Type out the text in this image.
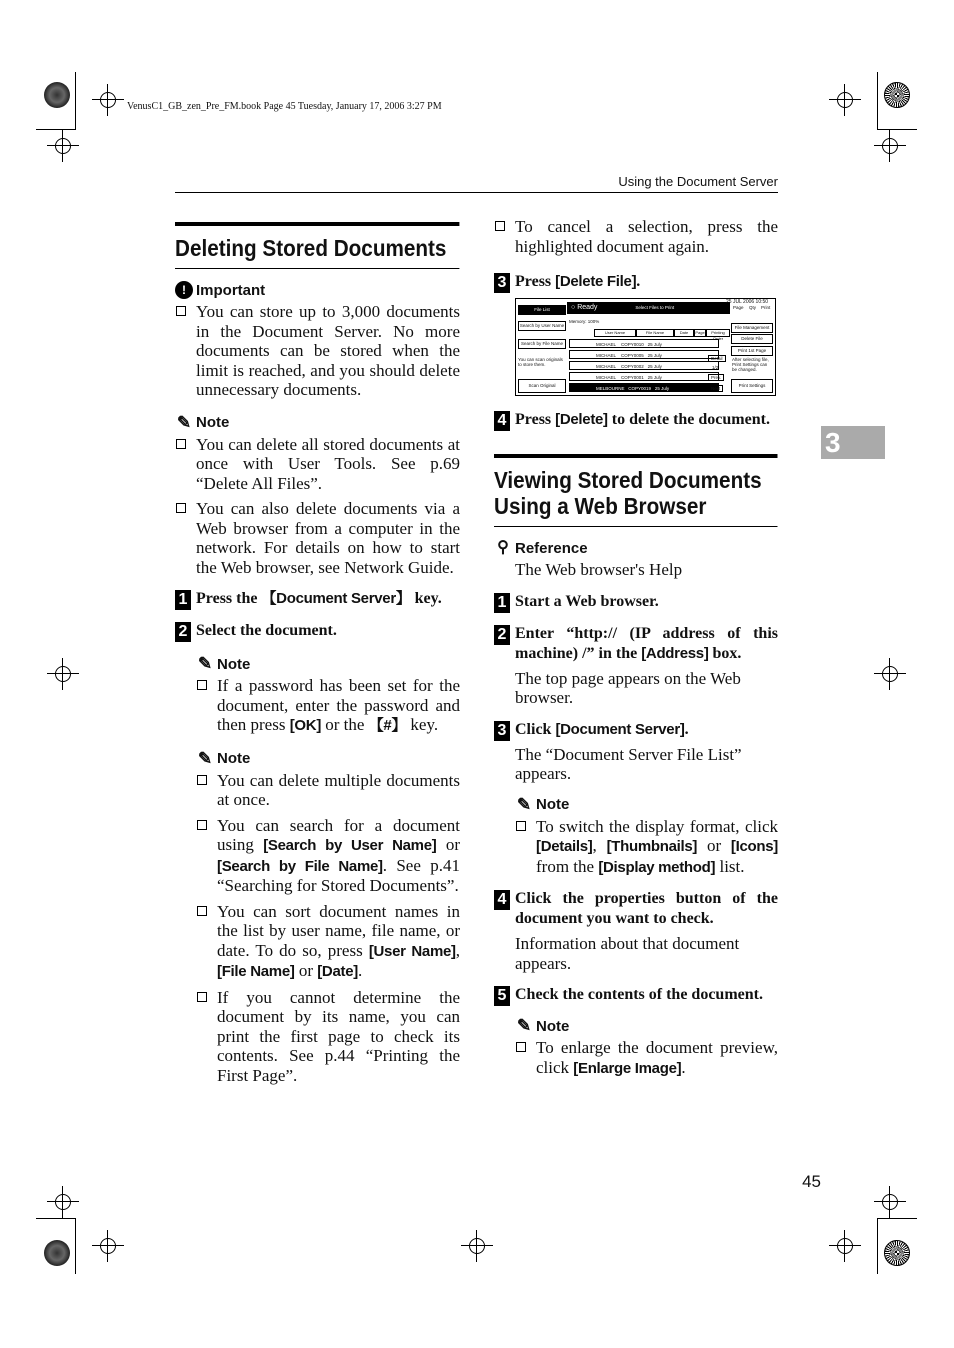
VenusC1_GB_zen_Pre_FM.book Page 45 Tuesday, January 17, 2006 3:27 PM
Using the Document Server
3
45
Deleting Stored Documents
! Important
You can store up to 3,000 documents in the Document Server. No more documents can be stored when the limit is reached, and you should delete unnecessary documents.
✎ Note
You can delete all stored documents at once with User Tools. See p.69 “Delete All Files”.
You can also delete documents via a Web browser from a computer in the network. For details on how to start the Web browser, see Network Guide.
1 Press the 【Document Server】 key.
2 Select the document.
✎ Note
If a password has been set for the document, enter the password and then press [OK] or the 【#】 key.
✎ Note
You can delete multiple documents at once.
You can search for a document using [Search by User Name] or [Search by File Name]. See p.41 “Searching for Stored Documents”.
You can sort document names in the list by user name, file name, or date. To do so, press [User Name], [File Name] or [Date].
If you cannot determine the document by its name, you can print the first page to check its contents. See p.44 “Printing the First Page”.
To cancel a selection, press the highlighted document again.
3 Press [Delete File].
File List	○ Ready	Select Files to Print
25 JUL 2006 10:50
Search by User Name
Search by File Name
You can scan originals to store them.
Scan Original
Memory: 100%
User Name	File Name	Date	Page	Printing Order
MICHAEL COPY0010 25 July
MICHAEL COPY0005 25 July
MICHAEL COPY0002 25 July
MICHAEL COPY0001 25 July
MELBOURNE COPY0019 25 July
Detail
1/2
Prev.
Next
Page Qty Print
File Management
Delete File
Print 1st Page
After selecting file, Print Settings can be changed.
Print Settings
4 Press [Delete] to delete the document.
Viewing Stored Documents Using a Web Browser
⚲ Reference
The Web browser's Help
1 Start a Web browser.
2 Enter “http:// (IP address of this machine) /” in the [Address] box.
The top page appears on the Web browser.
3 Click [Document Server].
The “Document Server File List” appears.
✎ Note
To switch the display format, click [Details], [Thumbnails] or [Icons] from the [Display method] list.
4 Click the properties button of the document you want to check.
Information about that document appears.
5 Check the contents of the document.
✎ Note
To enlarge the document preview, click [Enlarge Image].
